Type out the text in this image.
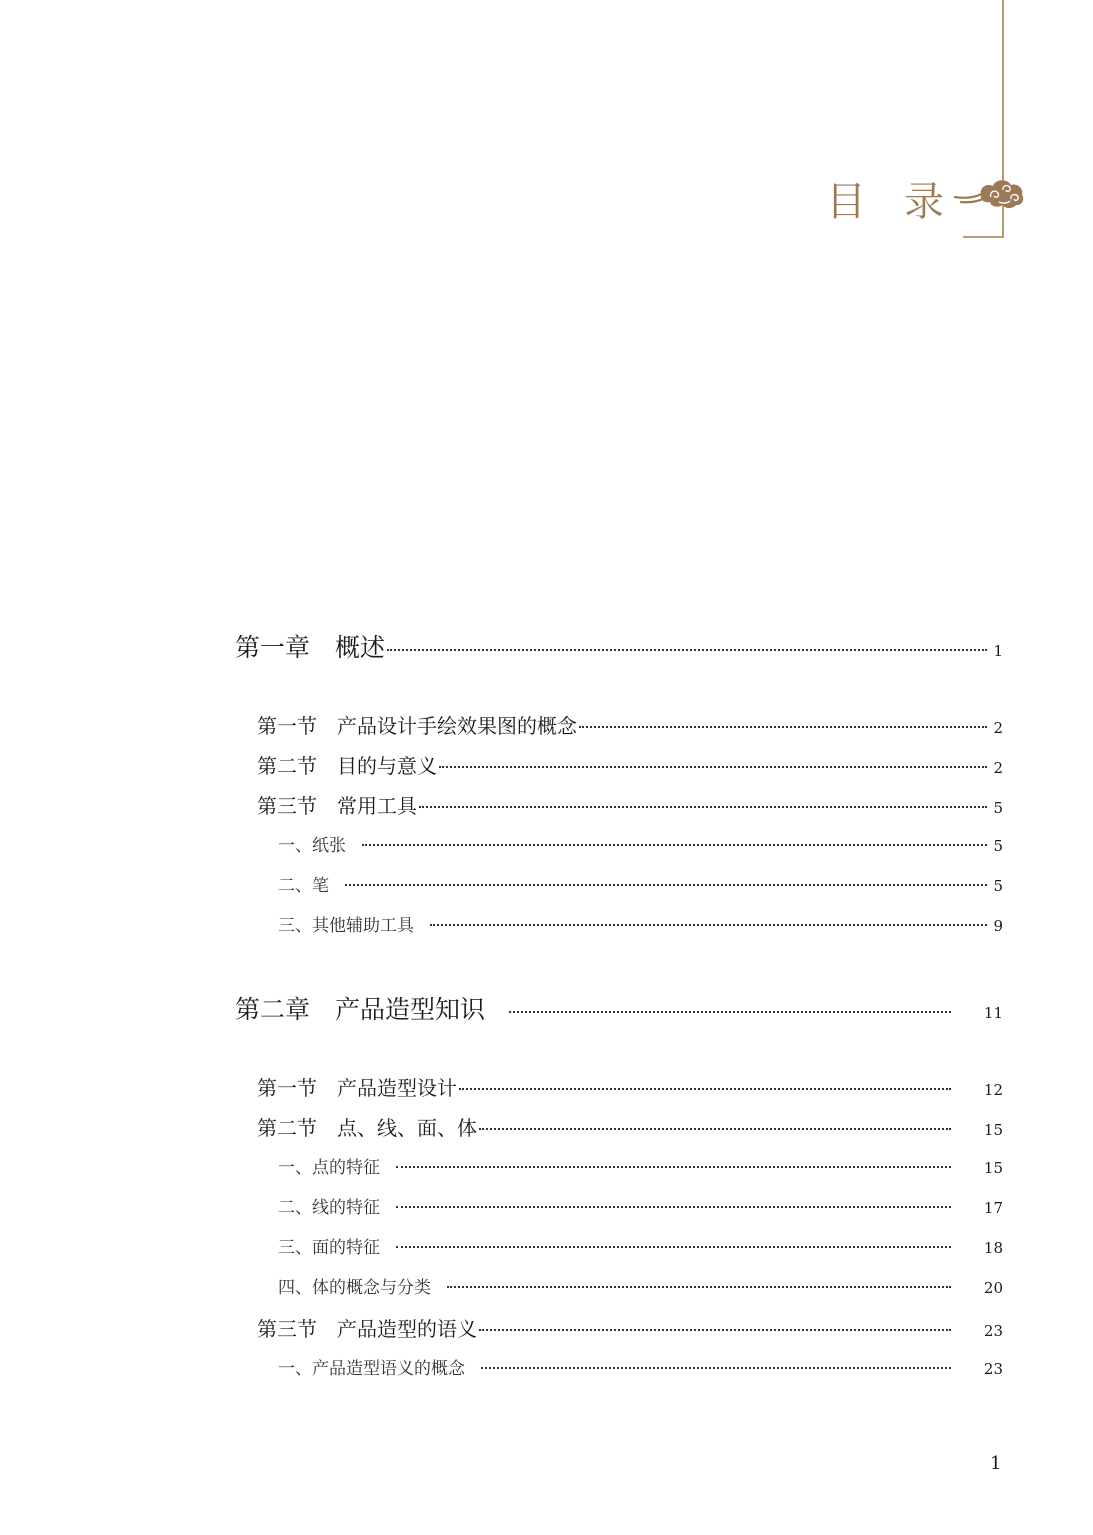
目 录
第一章　概述	1
第一节　产品设计手绘效果图的概念	2
第二节　目的与意义	2
第三节　常用工具	5
一、纸张	5
二、笔	5
三、其他辅助工具	9
第二章　产品造型知识	11
第一节　产品造型设计	12
第二节　点、线、面、体	15
一、点的特征	15
二、线的特征	17
三、面的特征	18
四、体的概念与分类	20
第三节　产品造型的语义	23
一、产品造型语义的概念	23
1
